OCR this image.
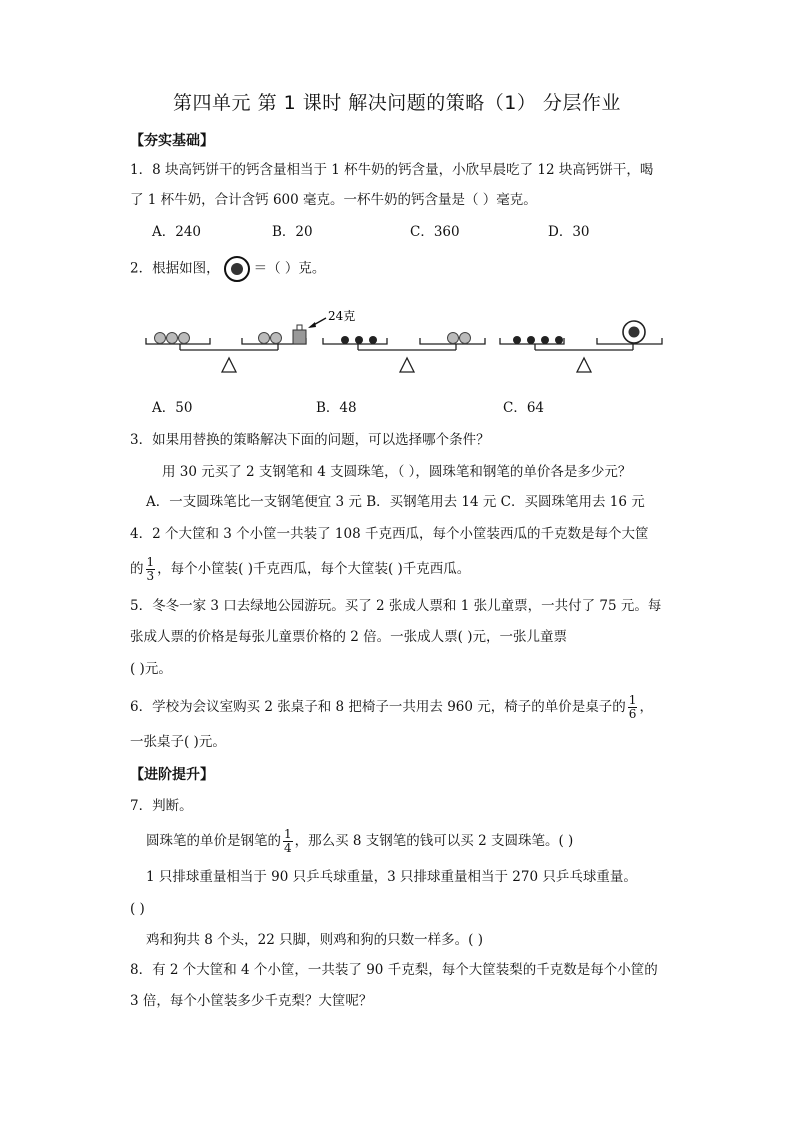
第四单元 第 1 课时 解决问题的策略（1） 分层作业
【夯实基础】
1．8 块高钙饼干的钙含量相当于 1 杯牛奶的钙含量，小欣早晨吃了 12 块高钙饼干，喝
了 1 杯牛奶，合计含钙 600 毫克。一杯牛奶的钙含量是（ ）毫克。
A．240	B．20	C．360	D．30
2．根据如图，	＝（ ）克。
24克
A．50	B．48	C．64
3．如果用替换的策略解决下面的问题，可以选择哪个条件？
用 30 元买了 2 支钢笔和 4 支圆珠笔，（ ），圆珠笔和钢笔的单价各是多少元？
A．一支圆珠笔比一支钢笔便宜 3 元 B．买钢笔用去 14 元 C．买圆珠笔用去 16 元
4．2 个大筐和 3 个小筐一共装了 108 千克西瓜，每个小筐装西瓜的千克数是每个大筐
的 $\frac{1}{3}$ ，每个小筐装( )千克西瓜，每个大筐装( )千克西瓜。
5．冬冬一家 3 口去绿地公园游玩。买了 2 张成人票和 1 张儿童票，一共付了 75 元。每
张成人票的价格是每张儿童票价格的 2 倍。一张成人票( )元，一张儿童票
( )元。
6．学校为会议室购买 2 张桌子和 8 把椅子一共用去 960 元，椅子的单价是桌子的 $\frac{1}{6}$ ，
一张桌子( )元。
【进阶提升】
7．判断。
圆珠笔的单价是钢笔的 $\frac{1}{4}$ ，那么买 8 支钢笔的钱可以买 2 支圆珠笔。( )
1 只排球重量相当于 90 只乒乓球重量，3 只排球重量相当于 270 只乒乓球重量。
( )
鸡和狗共 8 个头，22 只脚，则鸡和狗的只数一样多。( )
8．有 2 个大筐和 4 个小筐，一共装了 90 千克梨，每个大筐装梨的千克数是每个小筐的
3 倍，每个小筐装多少千克梨？大筐呢？
